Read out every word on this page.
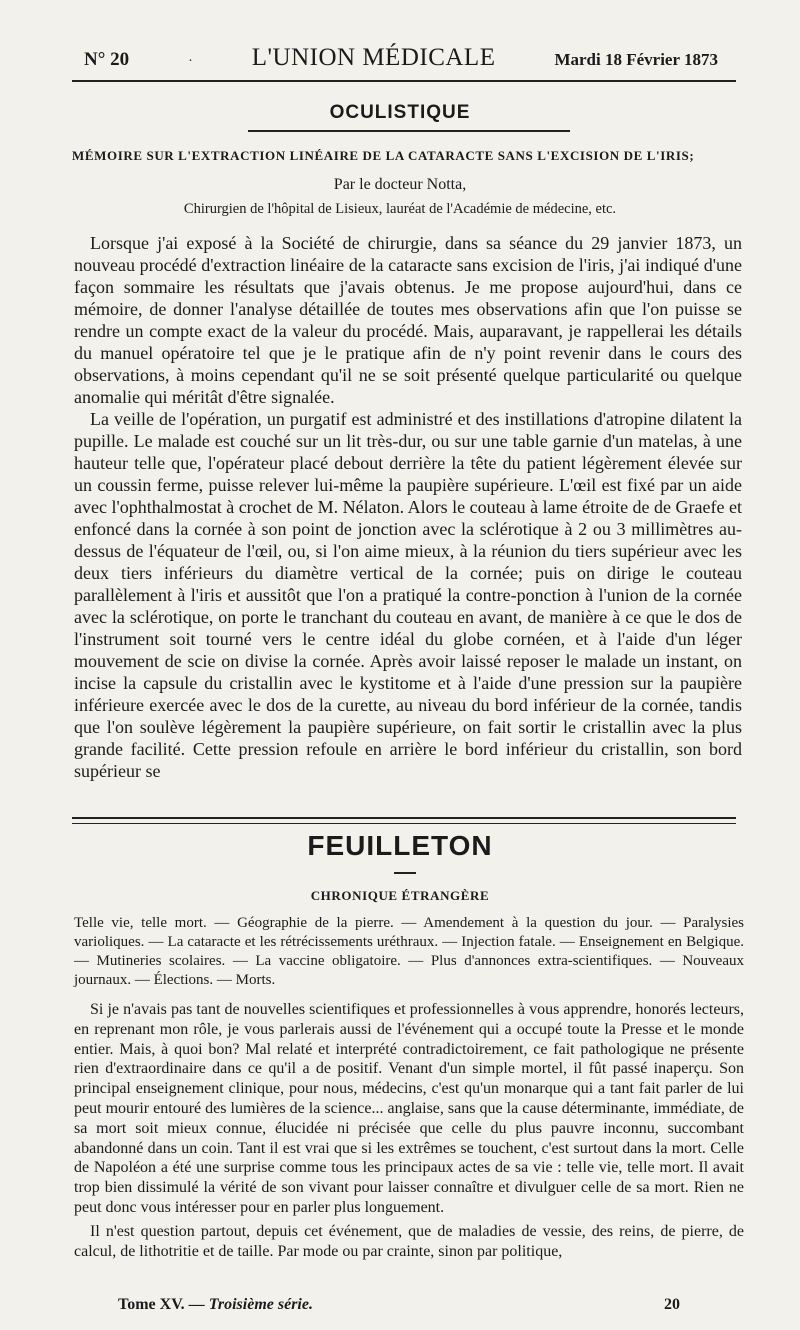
N° 20	· L'UNION MÉDICALE	Mardi 18 Février 1873
OCULISTIQUE
MÉMOIRE SUR L'EXTRACTION LINÉAIRE DE LA CATARACTE SANS L'EXCISION DE L'IRIS;
Par le docteur Notta,
Chirurgien de l'hôpital de Lisieux, lauréat de l'Académie de médecine, etc.

Lorsque j'ai exposé à la Société de chirurgie, dans sa séance du 29 janvier 1873, un nouveau procédé d'extraction linéaire de la cataracte sans excision de l'iris, j'ai indiqué d'une façon sommaire les résultats que j'avais obtenus. Je me propose aujourd'hui, dans ce mémoire, de donner l'analyse détaillée de toutes mes observations afin que l'on puisse se rendre un compte exact de la valeur du procédé. Mais, auparavant, je rappellerai les détails du manuel opératoire tel que je le pratique afin de n'y point revenir dans le cours des observations, à moins cependant qu'il ne se soit présenté quelque particularité ou quelque anomalie qui méritât d'être signalée.

La veille de l'opération, un purgatif est administré et des instillations d'atropine dilatent la pupille. Le malade est couché sur un lit très-dur, ou sur une table garnie d'un matelas, à une hauteur telle que, l'opérateur placé debout derrière la tête du patient légèrement élevée sur un coussin ferme, puisse relever lui-même la paupière supérieure. L'œil est fixé par un aide avec l'ophthalmostat à crochet de M. Nélaton. Alors le couteau à lame étroite de de Graefe et enfoncé dans la cornée à son point de jonction avec la sclérotique à 2 ou 3 millimètres au-dessus de l'équateur de l'œil, ou, si l'on aime mieux, à la réunion du tiers supérieur avec les deux tiers inférieurs du diamètre vertical de la cornée; puis on dirige le couteau parallèlement à l'iris et aussitôt que l'on a pratiqué la contre-ponction à l'union de la cornée avec la sclérotique, on porte le tranchant du couteau en avant, de manière à ce que le dos de l'instrument soit tourné vers le centre idéal du globe cornéen, et à l'aide d'un léger mouvement de scie on divise la cornée. Après avoir laissé reposer le malade un instant, on incise la capsule du cristallin avec le kystitome et à l'aide d'une pression sur la paupière inférieure exercée avec le dos de la curette, au niveau du bord inférieur de la cornée, tandis que l'on soulève légèrement la paupière supérieure, on fait sortir le cristallin avec la plus grande facilité. Cette pression refoule en arrière le bord inférieur du cristallin, son bord supérieur se

FEUILLETON
CHRONIQUE ÉTRANGÈRE

Telle vie, telle mort. — Géographie de la pierre. — Amendement à la question du jour. — Paralysies varioliques. — La cataracte et les rétrécissements uréthraux. — Injection fatale. — Enseignement en Belgique. — Mutineries scolaires. — La vaccine obligatoire. — Plus d'annonces extra-scientifiques. — Nouveaux journaux. — Élections. — Morts.

Si je n'avais pas tant de nouvelles scientifiques et professionnelles à vous apprendre, honorés lecteurs, en reprenant mon rôle, je vous parlerais aussi de l'événement qui a occupé toute la Presse et le monde entier. Mais, à quoi bon? Mal relaté et interprété contradictoirement, ce fait pathologique ne présente rien d'extraordinaire dans ce qu'il a de positif. Venant d'un simple mortel, il fût passé inaperçu. Son principal enseignement clinique, pour nous, médecins, c'est qu'un monarque qui a tant fait parler de lui peut mourir entouré des lumières de la science... anglaise, sans que la cause déterminante, immédiate, de sa mort soit mieux connue, élucidée ni précisée que celle du plus pauvre inconnu, succombant abandonné dans un coin. Tant il est vrai que si les extrêmes se touchent, c'est surtout dans la mort. Celle de Napoléon a été une surprise comme tous les principaux actes de sa vie : telle vie, telle mort. Il avait trop bien dissimulé la vérité de son vivant pour laisser connaître et divulguer celle de sa mort. Rien ne peut donc vous intéresser pour en parler plus longuement.

Il n'est question partout, depuis cet événement, que de maladies de vessie, des reins, de pierre, de calcul, de lithotritie et de taille. Par mode ou par crainte, sinon par politique,

Tome XV. — Troisième série.	20
